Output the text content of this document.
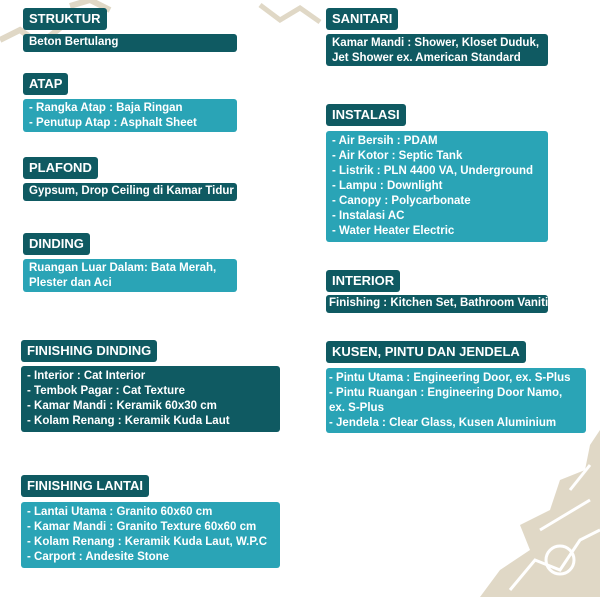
STRUKTUR
Beton Bertulang
ATAP
- Rangka Atap : Baja Ringan
- Penutup Atap : Asphalt Sheet
PLAFOND
Gypsum, Drop Ceiling di Kamar Tidur
DINDING
Ruangan Luar Dalam: Bata Merah,
Plester dan Aci
FINISHING DINDING
- Interior : Cat Interior
- Tembok Pagar : Cat Texture
- Kamar Mandi : Keramik 60x30 cm
- Kolam Renang : Keramik Kuda Laut
FINISHING LANTAI
- Lantai Utama : Granito 60x60 cm
- Kamar Mandi : Granito Texture 60x60 cm
- Kolam Renang : Keramik Kuda Laut, W.P.C
- Carport : Andesite Stone
SANITARI
Kamar Mandi : Shower, Kloset Duduk,
Jet Shower ex. American Standard
INSTALASI
- Air Bersih : PDAM
- Air Kotor : Septic Tank
- Listrik : PLN 4400 VA, Underground
- Lampu : Downlight
- Canopy : Polycarbonate
- Instalasi AC
- Water Heater Electric
INTERIOR
Finishing : Kitchen Set, Bathroom Vanities
KUSEN, PINTU DAN JENDELA
- Pintu Utama : Engineering Door, ex. S-Plus
- Pintu Ruangan : Engineering Door Namo, ex. S-Plus
- Jendela : Clear Glass, Kusen Aluminium
